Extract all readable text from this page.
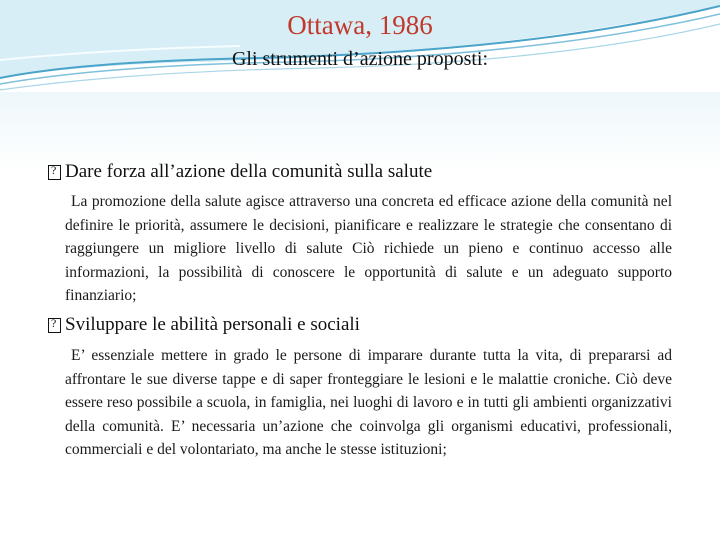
Ottawa, 1986
Gli strumenti d’azione proposti:
?
Dare forza all’azione della comunità sulla salute
La promozione della salute agisce attraverso una concreta ed efficace azione della comunità nel definire le priorità, assumere le decisioni, pianificare e realizzare le strategie che consentano di raggiungere un migliore livello di salute Ciò richiede un pieno e continuo accesso alle informazioni, la possibilità di conoscere le opportunità di salute e un adeguato supporto finanziario;
?
Sviluppare le abilità personali e sociali
E’ essenziale mettere in grado le persone di imparare durante tutta la vita, di prepararsi ad affrontare le sue diverse tappe e di saper fronteggiare le lesioni e le malattie croniche. Ciò deve essere reso possibile a scuola, in famiglia, nei luoghi di lavoro e in tutti gli ambienti organizzativi della comunità. E’ necessaria un’azione che coinvolga gli organismi educativi, professionali, commerciali e del volontariato, ma anche le stesse istituzioni;
